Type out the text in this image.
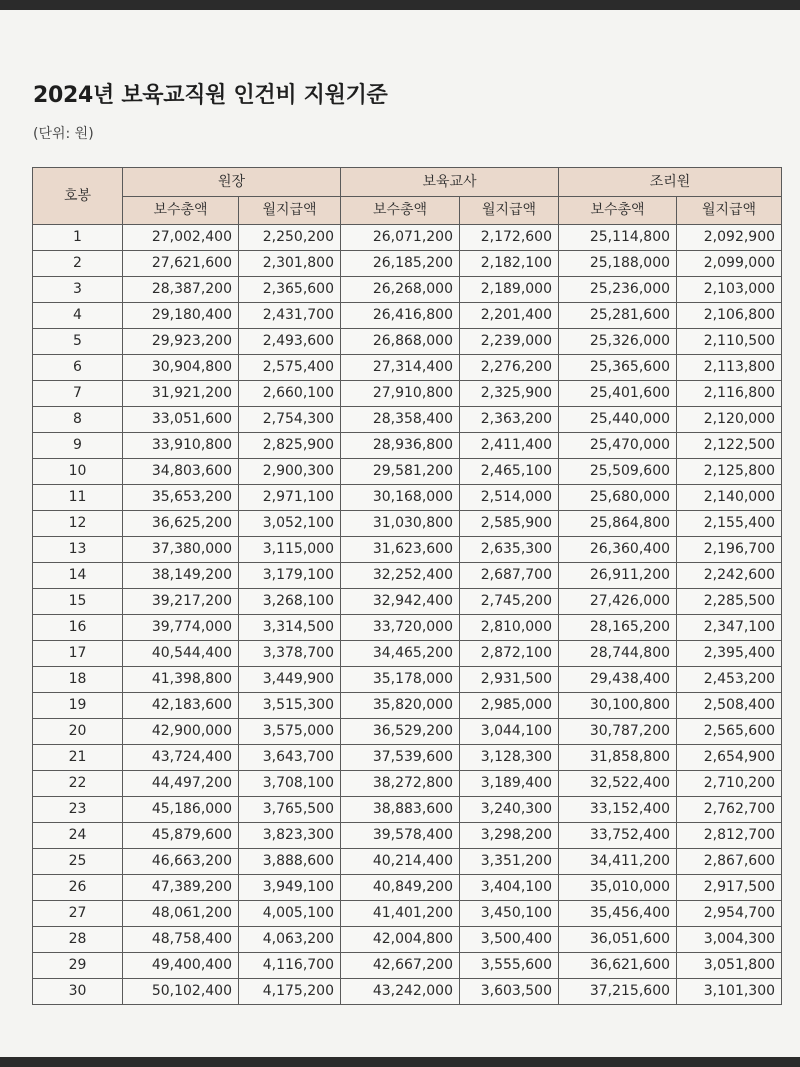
2024년 보육교직원 인건비 지원기준
(단위: 원)
호봉	원장		보육교사		조리원	
	보수총액	월지급액	보수총액	월지급액	보수총액	월지급액
1	27,002,400	2,250,200	26,071,200	2,172,600	25,114,800	2,092,900
2	27,621,600	2,301,800	26,185,200	2,182,100	25,188,000	2,099,000
3	28,387,200	2,365,600	26,268,000	2,189,000	25,236,000	2,103,000
4	29,180,400	2,431,700	26,416,800	2,201,400	25,281,600	2,106,800
5	29,923,200	2,493,600	26,868,000	2,239,000	25,326,000	2,110,500
6	30,904,800	2,575,400	27,314,400	2,276,200	25,365,600	2,113,800
7	31,921,200	2,660,100	27,910,800	2,325,900	25,401,600	2,116,800
8	33,051,600	2,754,300	28,358,400	2,363,200	25,440,000	2,120,000
9	33,910,800	2,825,900	28,936,800	2,411,400	25,470,000	2,122,500
10	34,803,600	2,900,300	29,581,200	2,465,100	25,509,600	2,125,800
11	35,653,200	2,971,100	30,168,000	2,514,000	25,680,000	2,140,000
12	36,625,200	3,052,100	31,030,800	2,585,900	25,864,800	2,155,400
13	37,380,000	3,115,000	31,623,600	2,635,300	26,360,400	2,196,700
14	38,149,200	3,179,100	32,252,400	2,687,700	26,911,200	2,242,600
15	39,217,200	3,268,100	32,942,400	2,745,200	27,426,000	2,285,500
16	39,774,000	3,314,500	33,720,000	2,810,000	28,165,200	2,347,100
17	40,544,400	3,378,700	34,465,200	2,872,100	28,744,800	2,395,400
18	41,398,800	3,449,900	35,178,000	2,931,500	29,438,400	2,453,200
19	42,183,600	3,515,300	35,820,000	2,985,000	30,100,800	2,508,400
20	42,900,000	3,575,000	36,529,200	3,044,100	30,787,200	2,565,600
21	43,724,400	3,643,700	37,539,600	3,128,300	31,858,800	2,654,900
22	44,497,200	3,708,100	38,272,800	3,189,400	32,522,400	2,710,200
23	45,186,000	3,765,500	38,883,600	3,240,300	33,152,400	2,762,700
24	45,879,600	3,823,300	39,578,400	3,298,200	33,752,400	2,812,700
25	46,663,200	3,888,600	40,214,400	3,351,200	34,411,200	2,867,600
26	47,389,200	3,949,100	40,849,200	3,404,100	35,010,000	2,917,500
27	48,061,200	4,005,100	41,401,200	3,450,100	35,456,400	2,954,700
28	48,758,400	4,063,200	42,004,800	3,500,400	36,051,600	3,004,300
29	49,400,400	4,116,700	42,667,200	3,555,600	36,621,600	3,051,800
30	50,102,400	4,175,200	43,242,000	3,603,500	37,215,600	3,101,300
